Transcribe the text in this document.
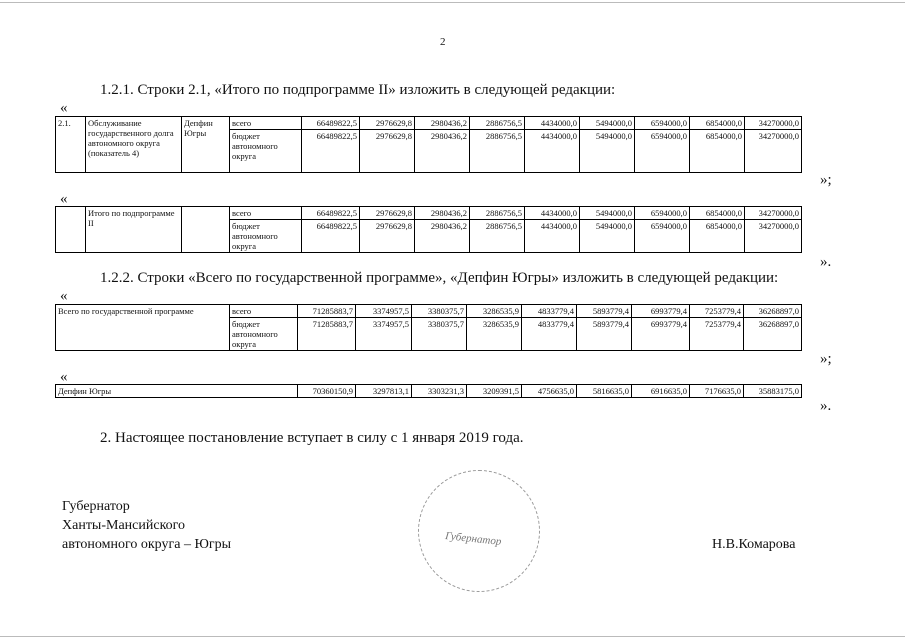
2
1.2.1. Строки 2.1, «Итого по подпрограмме II» изложить в следующей редакции:
«
2.1.	Обслуживание государственного долга автономного округа (показатель 4)	Депфин Югры	всего	66489822,5	2976629,8	2980436,2	2886756,5	4434000,0	5494000,0	6594000,0	6854000,0	34270000,0
			бюджет автономного округа	66489822,5	2976629,8	2980436,2	2886756,5	4434000,0	5494000,0	6594000,0	6854000,0	34270000,0
»;
«
	Итого по подпрограмме II		всего	66489822,5	2976629,8	2980436,2	2886756,5	4434000,0	5494000,0	6594000,0	6854000,0	34270000,0
			бюджет автономного округа	66489822,5	2976629,8	2980436,2	2886756,5	4434000,0	5494000,0	6594000,0	6854000,0	34270000,0
».
1.2.2. Строки «Всего по государственной программе», «Депфин Югры» изложить в следующей редакции:
«
Всего по государственной программе	всего	71285883,7	3374957,5	3380375,7	3286535,9	4833779,4	5893779,4	6993779,4	7253779,4	36268897,0
	бюджет автономного округа	71285883,7	3374957,5	3380375,7	3286535,9	4833779,4	5893779,4	6993779,4	7253779,4	36268897,0
»;
«
Депфин Югры	70360150,9	3297813,1	3303231,3	3209391,5	4756635,0	5816635,0	6916635,0	7176635,0	35883175,0
».
2. Настоящее постановление вступает в силу с 1 января 2019 года.
Губернатор
Ханты-Мансийского
автономного округа – Югры	Губернатор	Н.В.Комарова
